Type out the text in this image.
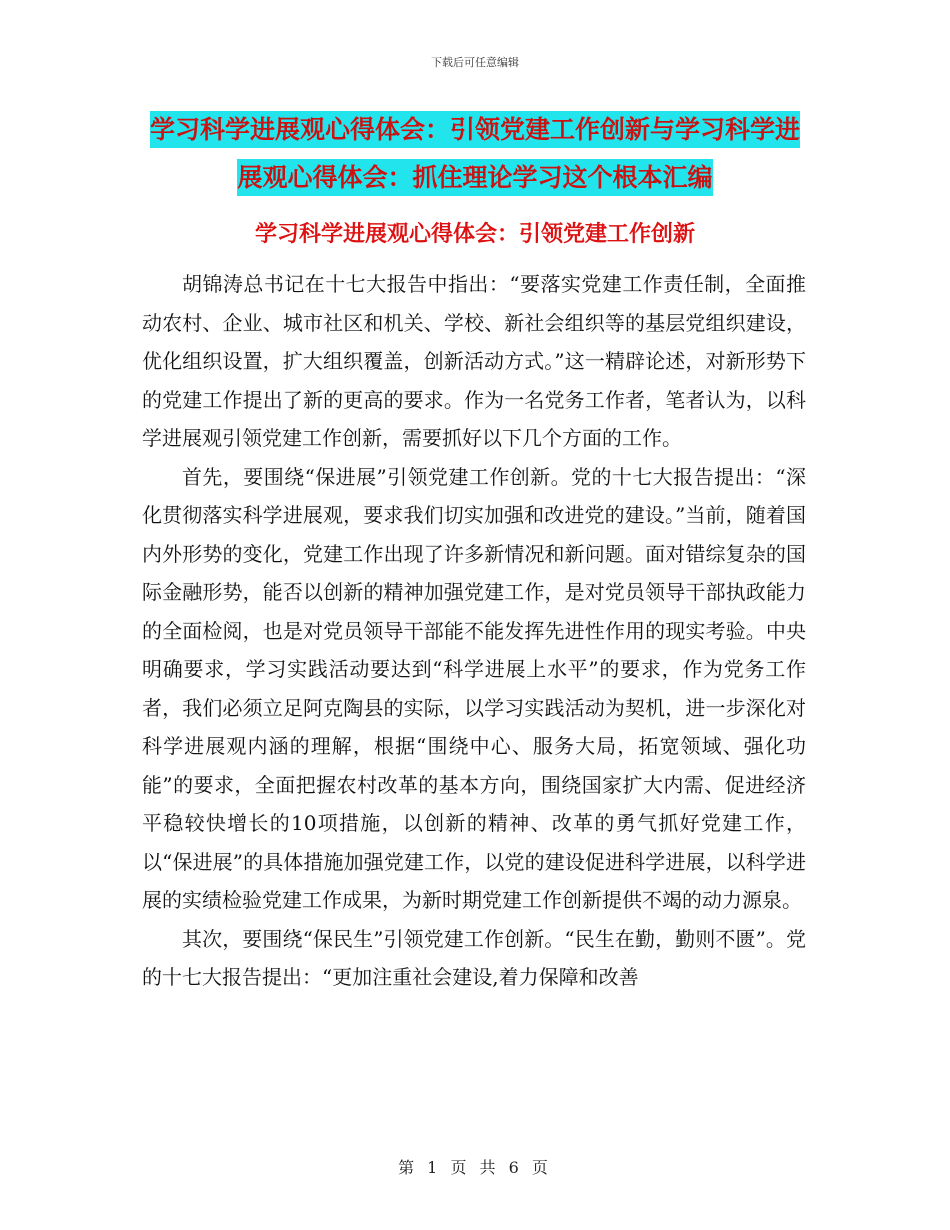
下载后可任意编辑
学习科学进展观心得体会：引领党建工作创新与学习科学进展观心得体会：抓住理论学习这个根本汇编
学习科学进展观心得体会：引领党建工作创新

胡锦涛总书记在十七大报告中指出：“要落实党建工作责任制，全面推动农村、企业、城市社区和机关、学校、新社会组织等的基层党组织建设，优化组织设置，扩大组织覆盖，创新活动方式。”这一精辟论述，对新形势下的党建工作提出了新的更高的要求。作为一名党务工作者，笔者认为，以科学进展观引领党建工作创新，需要抓好以下几个方面的工作。

首先，要围绕“保进展”引领党建工作创新。党的十七大报告提出：“深化贯彻落实科学进展观，要求我们切实加强和改进党的建设。”当前，随着国内外形势的变化，党建工作出现了许多新情况和新问题。面对错综复杂的国际金融形势，能否以创新的精神加强党建工作，是对党员领导干部执政能力的全面检阅，也是对党员领导干部能不能发挥先进性作用的现实考验。中央明确要求，学习实践活动要达到“科学进展上水平”的要求，作为党务工作者，我们必须立足阿克陶县的实际，以学习实践活动为契机，进一步深化对科学进展观内涵的理解，根据“围绕中心、服务大局，拓宽领域、强化功能”的要求，全面把握农村改革的基本方向，围绕国家扩大内需、促进经济平稳较快增长的10项措施，以创新的精神、改革的勇气抓好党建工作，以“保进展”的具体措施加强党建工作，以党的建设促进科学进展，以科学进展的实绩检验党建工作成果，为新时期党建工作创新提供不竭的动力源泉。

其次，要围绕“保民生”引领党建工作创新。“民生在勤，勤则不匮”。党的十七大报告提出：“更加注重社会建设,着力保障和改善

第 1 页 共 6 页
